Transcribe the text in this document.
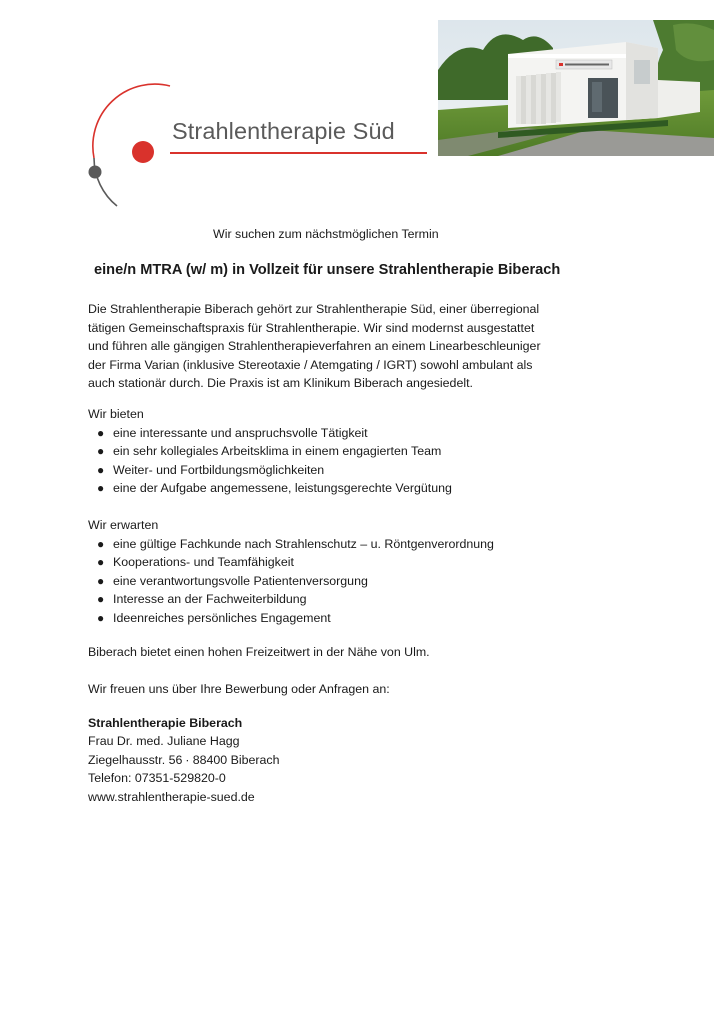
Strahlentherapie Süd
Wir suchen zum nächstmöglichen Termin
eine/n MTRA (w/ m) in Vollzeit für unsere Strahlentherapie Biberach
Die Strahlentherapie Biberach gehört zur Strahlentherapie Süd, einer überregional
tätigen Gemeinschaftspraxis für Strahlentherapie. Wir sind modernst ausgestattet
und führen alle gängigen Strahlentherapieverfahren an einem Linearbeschleuniger
der Firma Varian (inklusive Stereotaxie / Atemgating / IGRT) sowohl ambulant als
auch stationär durch. Die Praxis ist am Klinikum Biberach angesiedelt.
Wir bieten
● eine interessante und anspruchsvolle Tätigkeit
● ein sehr kollegiales Arbeitsklima in einem engagierten Team
● Weiter- und Fortbildungsmöglichkeiten
● eine der Aufgabe angemessene, leistungsgerechte Vergütung
Wir erwarten
● eine gültige Fachkunde nach Strahlenschutz – u. Röntgenverordnung
● Kooperations- und Teamfähigkeit
● eine verantwortungsvolle Patientenversorgung
● Interesse an der Fachweiterbildung
● Ideenreiches persönliches Engagement
Biberach bietet einen hohen Freizeitwert in der Nähe von Ulm.
Wir freuen uns über Ihre Bewerbung oder Anfragen an:
Strahlentherapie Biberach
Frau Dr. med. Juliane Hagg
Ziegelhausstr. 56 ∙ 88400 Biberach
Telefon: 07351-529820-0
www.strahlentherapie-sued.de
